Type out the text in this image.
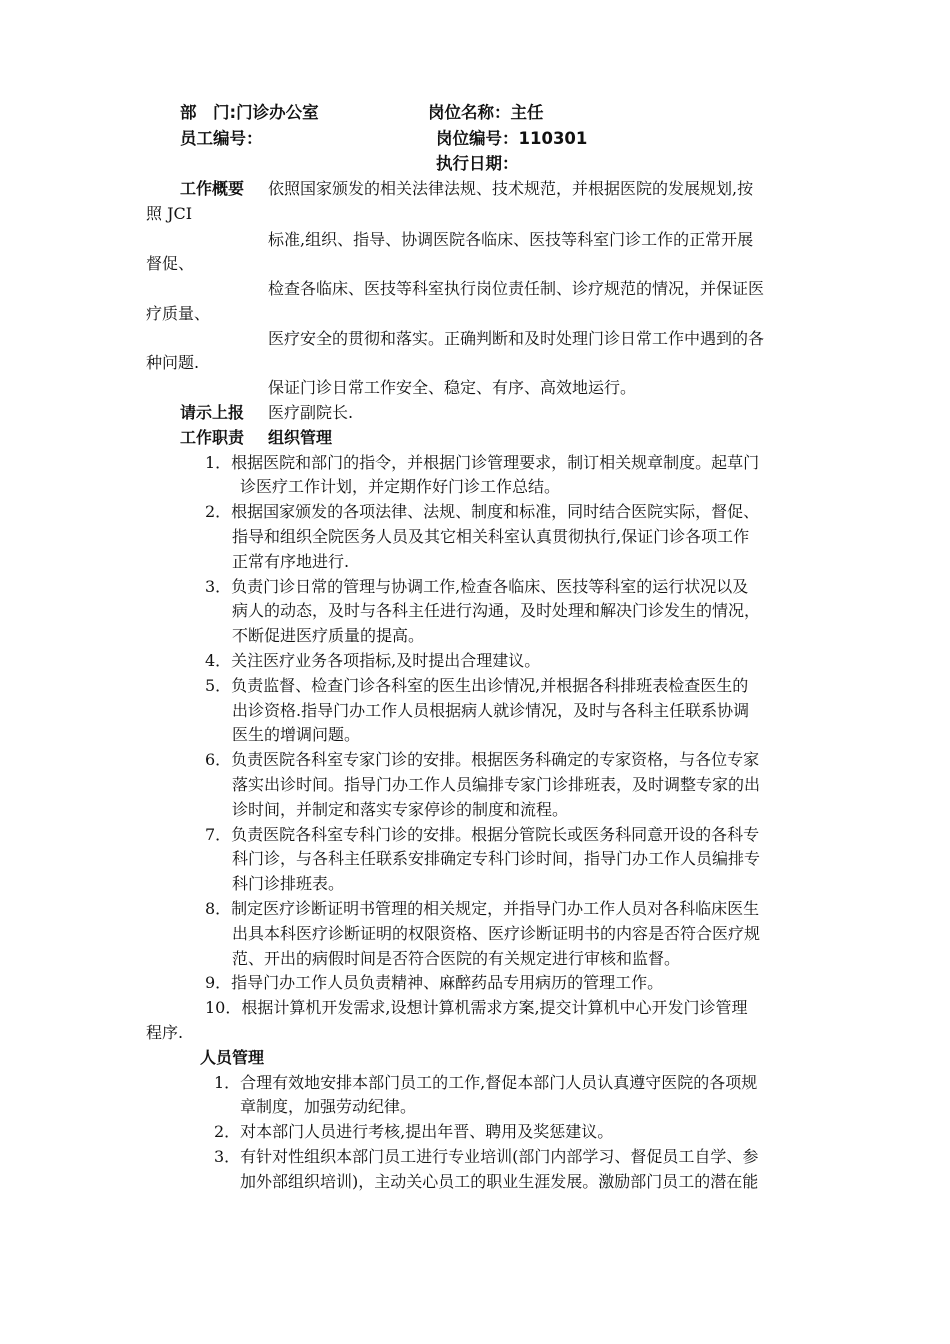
部　门:门诊办公室	岗位名称：主任
员工编号：	岗位编号：110301
执行日期：
工作概要 依照国家颁发的相关法律法规、技术规范，并根据医院的发展规划,按
照 JCI
标准,组织、指导、协调医院各临床、医技等科室门诊工作的正常开展
督促、
检查各临床、医技等科室执行岗位责任制、诊疗规范的情况，并保证医
疗质量、
医疗安全的贯彻和落实。正确判断和及时处理门诊日常工作中遇到的各
种问题.
保证门诊日常工作安全、稳定、有序、高效地运行。
请示上报 医疗副院长.
工作职责 组织管理
1．根据医院和部门的指令，并根据门诊管理要求，制订相关规章制度。起草门
诊医疗工作计划，并定期作好门诊工作总结。
2．根据国家颁发的各项法律、法规、制度和标准，同时结合医院实际，督促、
指导和组织全院医务人员及其它相关科室认真贯彻执行,保证门诊各项工作
正常有序地进行.
3．负责门诊日常的管理与协调工作,检查各临床、医技等科室的运行状况以及
病人的动态，及时与各科主任进行沟通，及时处理和解决门诊发生的情况，
不断促进医疗质量的提高。
4．关注医疗业务各项指标,及时提出合理建议。
5．负责监督、检查门诊各科室的医生出诊情况,并根据各科排班表检查医生的
出诊资格.指导门办工作人员根据病人就诊情况，及时与各科主任联系协调
医生的增调问题。
6．负责医院各科室专家门诊的安排。根据医务科确定的专家资格，与各位专家
落实出诊时间。指导门办工作人员编排专家门诊排班表，及时调整专家的出
诊时间，并制定和落实专家停诊的制度和流程。
7．负责医院各科室专科门诊的安排。根据分管院长或医务科同意开设的各科专
科门诊，与各科主任联系安排确定专科门诊时间，指导门办工作人员编排专
科门诊排班表。
8．制定医疗诊断证明书管理的相关规定，并指导门办工作人员对各科临床医生
出具本科医疗诊断证明的权限资格、医疗诊断证明书的内容是否符合医疗规
范、开出的病假时间是否符合医院的有关规定进行审核和监督。
9．指导门办工作人员负责精神、麻醉药品专用病历的管理工作。
10．根据计算机开发需求,设想计算机需求方案,提交计算机中心开发门诊管理
程序.
人员管理
1．合理有效地安排本部门员工的工作,督促本部门人员认真遵守医院的各项规
章制度，加强劳动纪律。
2．对本部门人员进行考核,提出年晋、聘用及奖惩建议。
3．有针对性组织本部门员工进行专业培训(部门内部学习、督促员工自学、参
加外部组织培训)，主动关心员工的职业生涯发展。激励部门员工的潜在能
